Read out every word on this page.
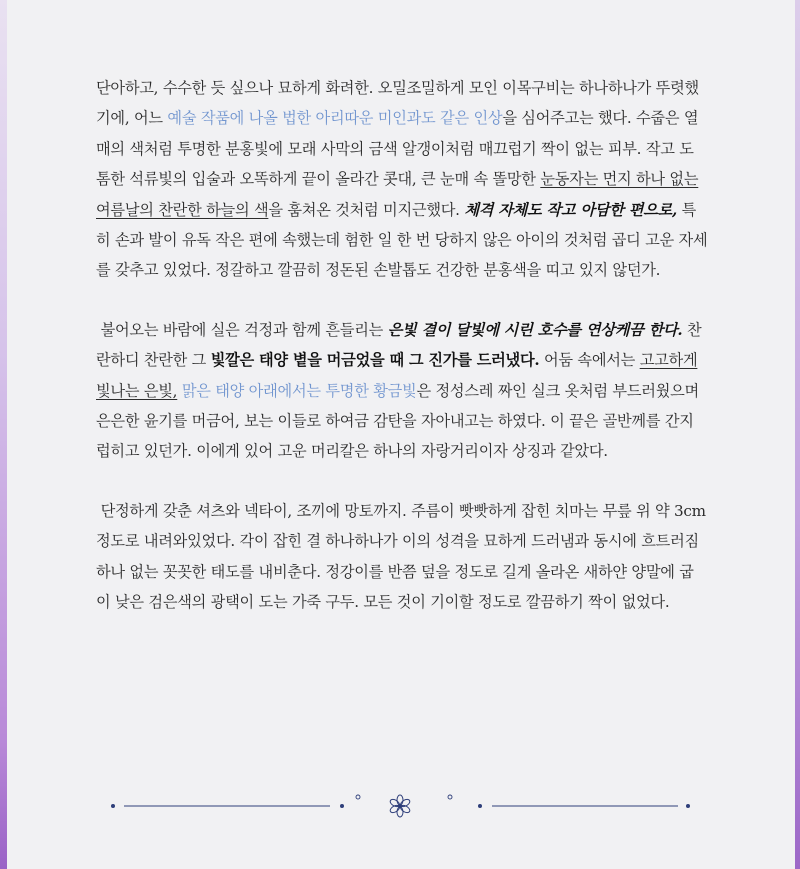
단아하고, 수수한 듯 싶으나 묘하게 화려한. 오밀조밀하게 모인 이목구비는 하나하나가 뚜렷했기에, 어느 예술 작품에 나올 법한 아리따운 미인과도 같은 인상을 심어주고는 했다. 수줍은 열매의 색처럼 투명한 분홍빛에 모래 사막의 금색 알갱이처럼 매끄럽기 짝이 없는 피부. 작고 도톰한 석류빛의 입술과 오똑하게 끝이 올라간 콧대, 큰 눈매 속 똘망한 눈동자는 먼지 하나 없는 여름날의 찬란한 하늘의 색을 훔쳐온 것처럼 미지근했다. 체격 자체도 작고 아담한 편으로, 특히 손과 발이 유독 작은 편에 속했는데 험한 일 한 번 당하지 않은 아이의 것처럼 곱디 고운 자세를 갖추고 있었다. 정갈하고 깔끔히 정돈된 손발톱도 건강한 분홍색을 띠고 있지 않던가.

불어오는 바람에 실은 걱정과 함께 흔들리는 은빛 결이 달빛에 시린 호수를 연상케끔 한다. 찬란하디 찬란한 그 빛깔은 태양 볕을 머금었을 때 그 진가를 드러냈다. 어둠 속에서는 고고하게 빛나는 은빛, 맑은 태양 아래에서는 투명한 황금빛은 정성스레 짜인 실크 옷처럼 부드러웠으며 은은한 윤기를 머금어, 보는 이들로 하여금 감탄을 자아내고는 하였다. 이 끝은 골반께를 간지럽히고 있던가. 이에게 있어 고운 머리칼은 하나의 자랑거리이자 상징과 같았다.

단정하게 갖춘 셔츠와 넥타이, 조끼에 망토까지. 주름이 빳빳하게 잡힌 치마는 무릎 위 약 3cm 정도로 내려와있었다. 각이 잡힌 결 하나하나가 이의 성격을 묘하게 드러냄과 동시에 흐트러짐 하나 없는 꼿꼿한 태도를 내비춘다. 정강이를 반쯤 덮을 정도로 길게 올라온 새하얀 양말에 굽이 낮은 검은색의 광택이 도는 가죽 구두. 모든 것이 기이할 정도로 깔끔하기 짝이 없었다.
